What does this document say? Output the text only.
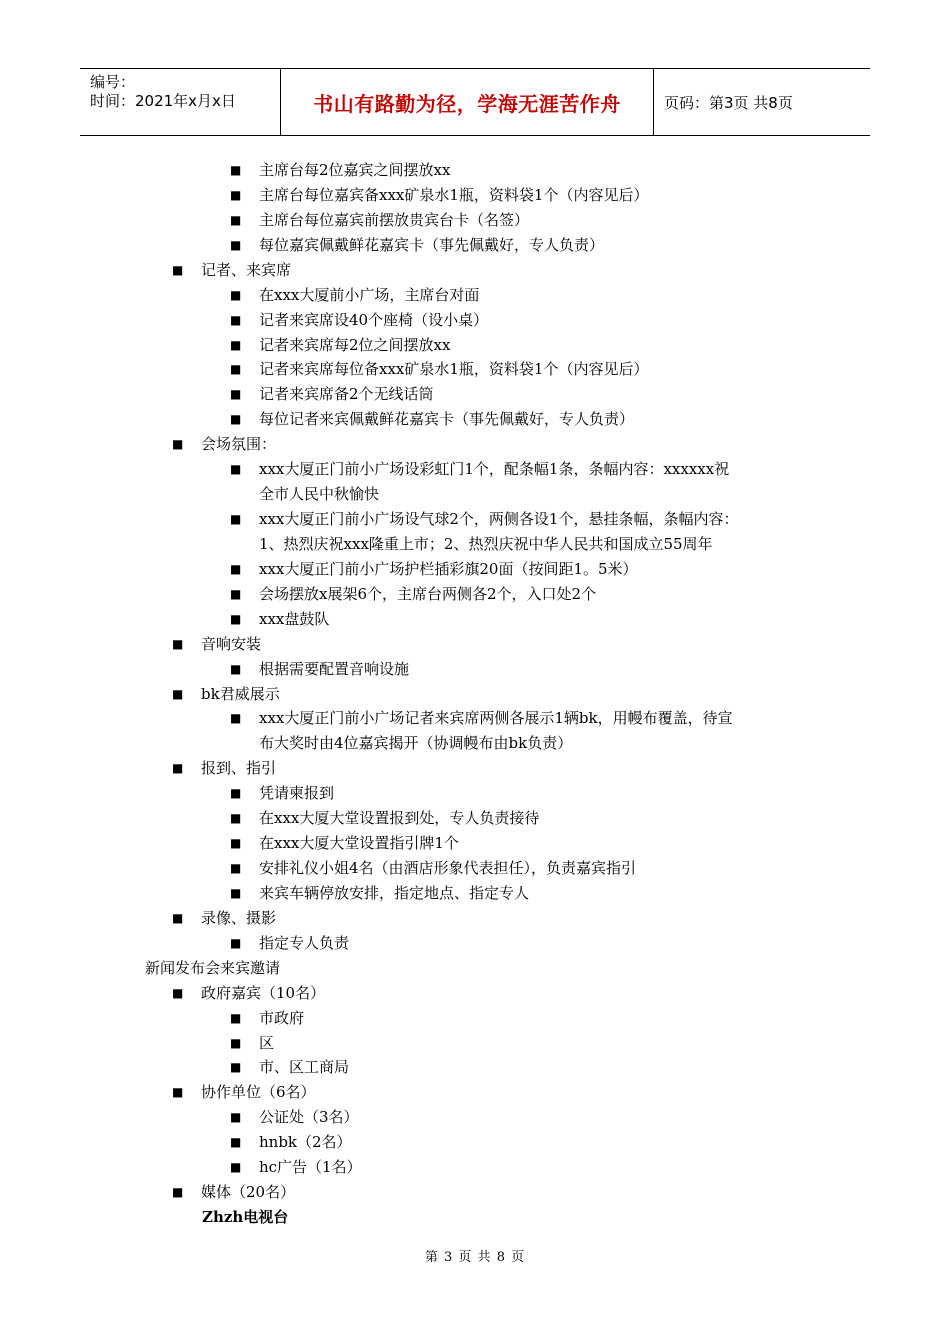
编号：
时间：2021年x月x日	书山有路勤为径，学海无涯苦作舟	页码：第3页 共8页
■ 主席台每2位嘉宾之间摆放xx
■ 主席台每位嘉宾备xxx矿泉水1瓶，资料袋1个（内容见后）
■ 主席台每位嘉宾前摆放贵宾台卡（名签）
■ 每位嘉宾佩戴鲜花嘉宾卡（事先佩戴好，专人负责）
■ 记者、来宾席
■ 在xxx大厦前小广场，主席台对面
■ 记者来宾席设40个座椅（设小桌）
■ 记者来宾席每2位之间摆放xx
■ 记者来宾席每位备xxx矿泉水1瓶，资料袋1个（内容见后）
■ 记者来宾席备2个无线话筒
■ 每位记者来宾佩戴鲜花嘉宾卡（事先佩戴好，专人负责）
■ 会场氛围：
■ xxx大厦正门前小广场设彩虹门1个，配条幅1条，条幅内容：xxxxxx祝
全市人民中秋愉快
■ xxx大厦正门前小广场设气球2个，两侧各设1个，悬挂条幅，条幅内容：
1、热烈庆祝xxx隆重上市；2、热烈庆祝中华人民共和国成立55周年
■ xxx大厦正门前小广场护栏插彩旗20面（按间距1。5米）
■ 会场摆放x展架6个，主席台两侧各2个，入口处2个
■ xxx盘鼓队
■ 音响安装
■ 根据需要配置音响设施
■ bk君威展示
■ xxx大厦正门前小广场记者来宾席两侧各展示1辆bk，用幔布覆盖，待宣
布大奖时由4位嘉宾揭开（协调幔布由bk负责）
■ 报到、指引
■ 凭请柬报到
■ 在xxx大厦大堂设置报到处，专人负责接待
■ 在xxx大厦大堂设置指引牌1个
■ 安排礼仪小姐4名（由酒店形象代表担任），负责嘉宾指引
■ 来宾车辆停放安排，指定地点、指定专人
■ 录像、摄影
■ 指定专人负责
新闻发布会来宾邀请
■ 政府嘉宾（10名）
■ 市政府
■ 区
■ 市、区工商局
■ 协作单位（6名）
■ 公证处（3名）
■ hnbk（2名）
■ hc广告（1名）
■ 媒体（20名）
Zhzh电视台
第 3 页 共 8 页
